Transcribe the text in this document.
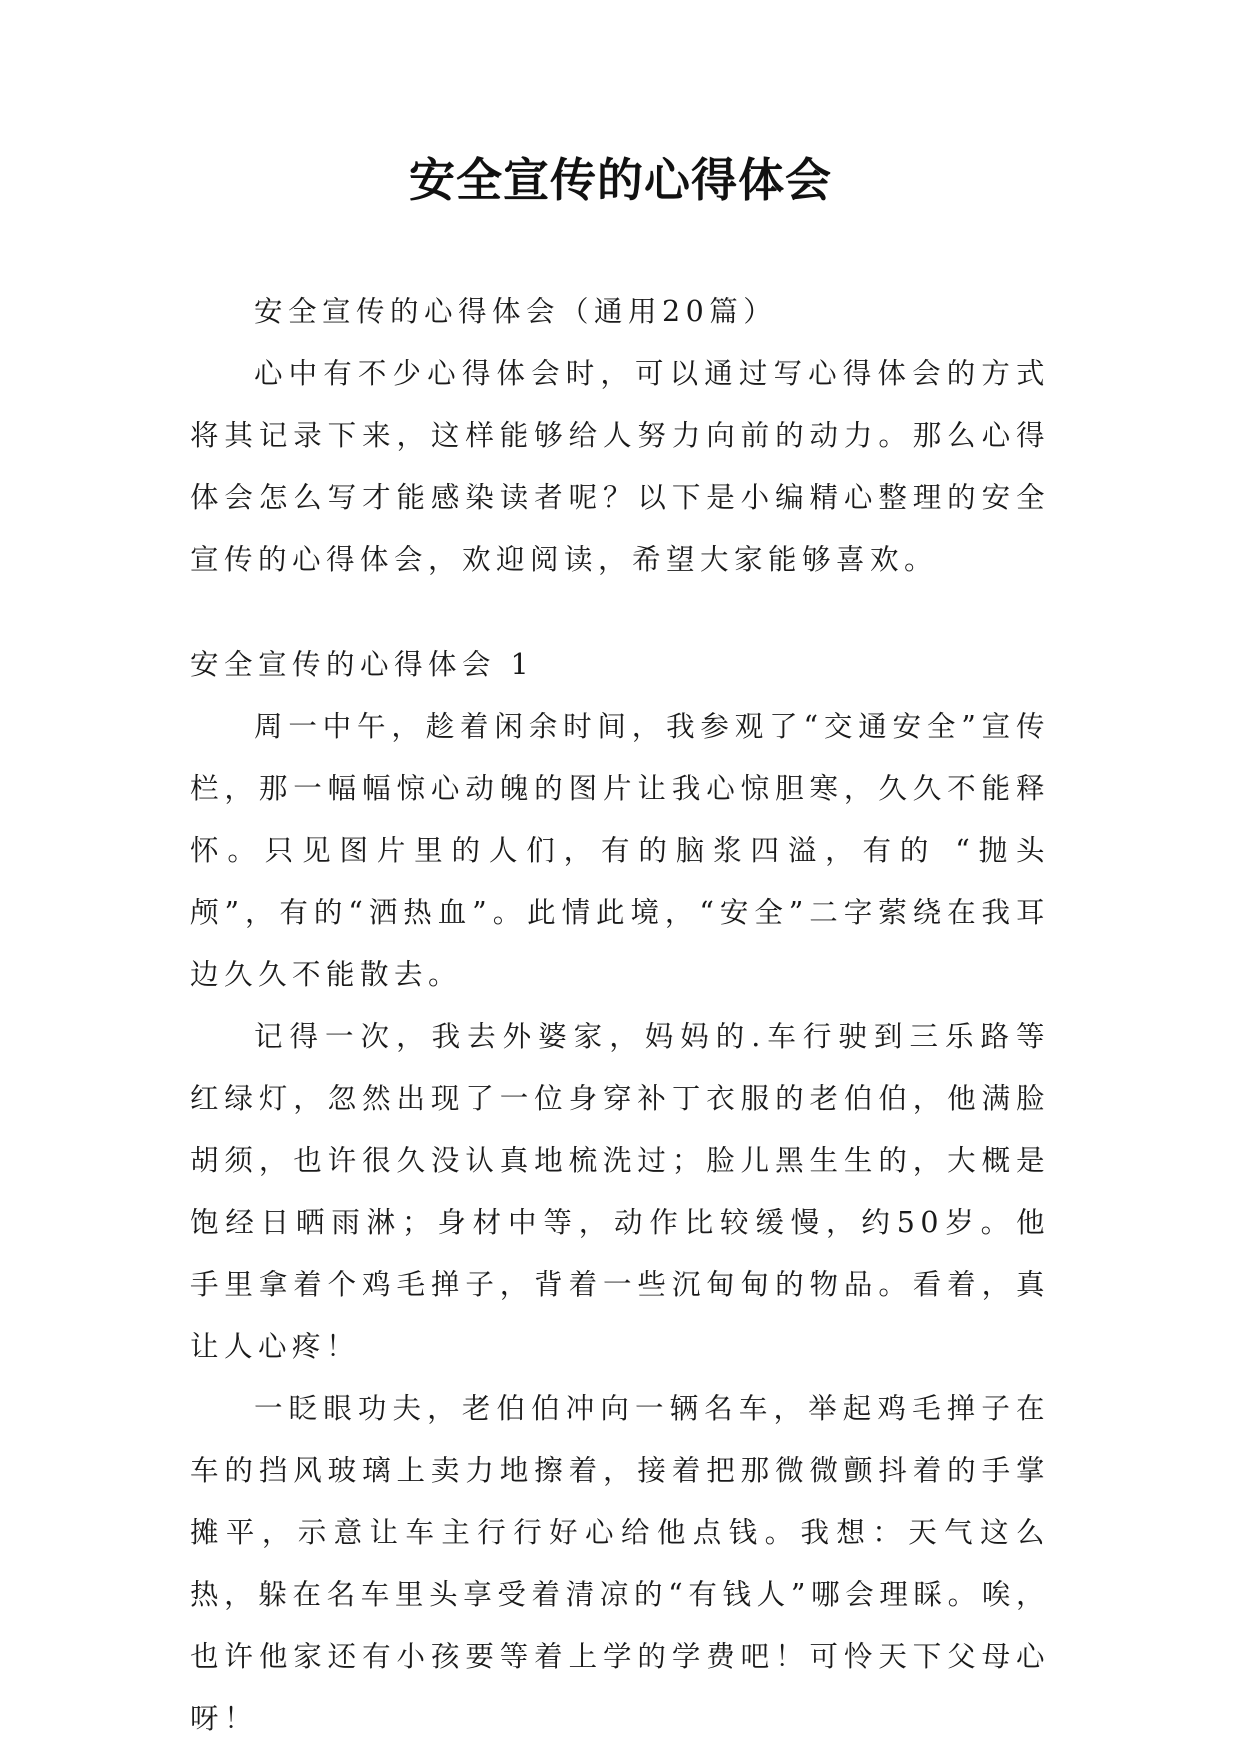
安全宣传的心得体会

安全宣传的心得体会（通用20篇）

心中有不少心得体会时，可以通过写心得体会的方式将其记录下来，这样能够给人努力向前的动力。那么心得体会怎么写才能感染读者呢？以下是小编精心整理的安全宣传的心得体会，欢迎阅读，希望大家能够喜欢。

安全宣传的心得体会 1

周一中午，趁着闲余时间，我参观了“交通安全”宣传栏，那一幅幅惊心动魄的图片让我心惊胆寒，久久不能释怀。只见图片里的人们，有的脑浆四溢，有的 “抛头颅”，有的“洒热血”。此情此境，“安全”二字萦绕在我耳边久久不能散去。

记得一次，我去外婆家，妈妈的.车行驶到三乐路等红绿灯，忽然出现了一位身穿补丁衣服的老伯伯，他满脸胡须，也许很久没认真地梳洗过；脸儿黑生生的，大概是饱经日晒雨淋；身材中等，动作比较缓慢，约50岁。他手里拿着个鸡毛掸子，背着一些沉甸甸的物品。看着，真让人心疼！

一眨眼功夫，老伯伯冲向一辆名车，举起鸡毛掸子在车的挡风玻璃上卖力地擦着，接着把那微微颤抖着的手掌摊平，示意让车主行行好心给他点钱。我想：天气这么热，躲在名车里头享受着清凉的“有钱人”哪会理睬。唉，也许他家还有小孩要等着上学的学费吧！可怜天下父母心呀！
